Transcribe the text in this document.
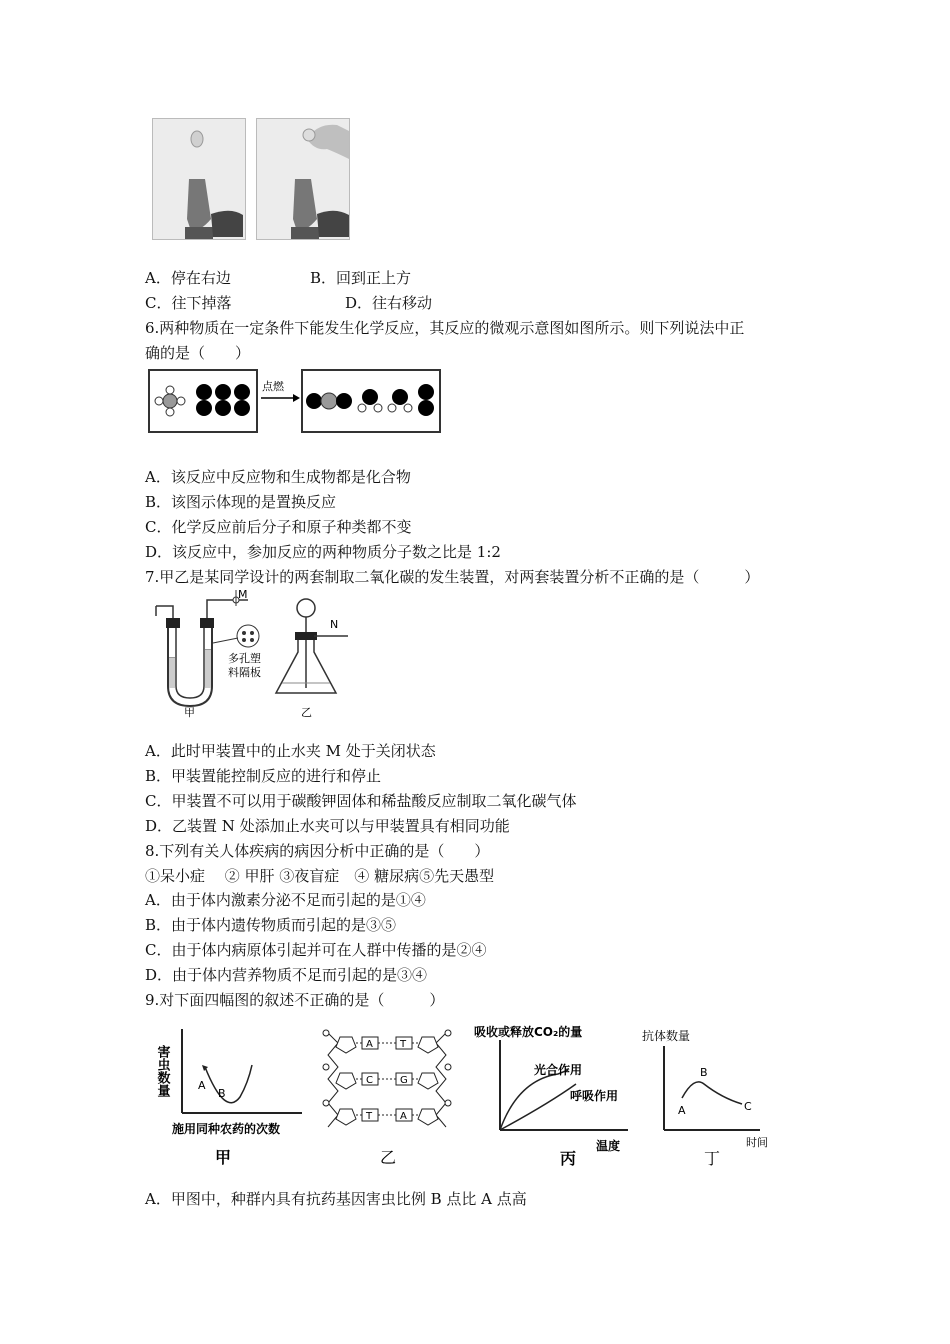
A．停在右边	B．回到正上方
C．往下掉落	D．往右移动
6.两种物质在一定条件下能发生化学反应，其反应的微观示意图如图所示。则下列说法中正
确的是（　　）
点燃
A．该反应中反应物和生成物都是化合物
B．该图示体现的是置换反应
C．化学反应前后分子和原子种类都不变
D．该反应中，参加反应的两种物质分子数之比是 1:2
7.甲乙是某同学设计的两套制取二氧化碳的发生装置，对两套装置分析不正确的是（　　　）
M
多孔塑
料隔板
甲
N
乙
A．此时甲装置中的止水夹 M 处于关闭状态
B．甲装置能控制反应的进行和停止
C．甲装置不可以用于碳酸钾固体和稀盐酸反应制取二氧化碳气体
D．乙装置 N 处添加止水夹可以与甲装置具有相同功能
8.下列有关人体疾病的病因分析中正确的是（　　）
①呆小症　 ② 甲肝 ③夜盲症　④ 糖尿病⑤先天愚型
A．由于体内激素分泌不足而引起的是①④
B．由于体内遗传物质而引起的是③⑤
C．由于体内病原体引起并可在人群中传播的是②④
D．由于体内营养物质不足而引起的是③④
9.对下面四幅图的叙述不正确的是（　　　）
害虫数量	A
B
施用同种农药的次数
甲
A	T
C	G
T	A
乙
吸收或释放CO₂的量
光合作用
呼吸作用
温度
丙
抗体数量
A
B
C
时间
丁
A．甲图中，种群内具有抗药基因害虫比例 B 点比 A 点高
